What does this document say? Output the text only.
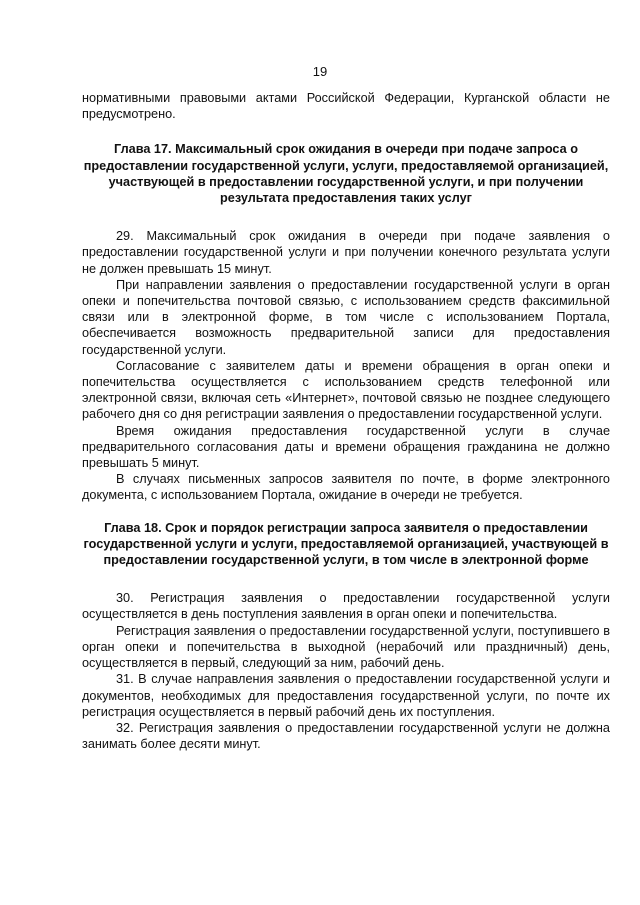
19

нормативными правовыми актами Российской Федерации, Курганской области не предусмотрено.

Глава 17. Максимальный срок ожидания в очереди при подаче запроса о предоставлении государственной услуги, услуги, предоставляемой организацией, участвующей в предоставлении государственной услуги, и при получении результата предоставления таких услуг

29. Максимальный срок ожидания в очереди при подаче заявления о предоставлении государственной услуги и при получении конечного результата услуги не должен превышать 15 минут.

При направлении заявления о предоставлении государственной услуги в орган опеки и попечительства почтовой связью, с использованием средств факсимильной связи или в электронной форме, в том числе с использованием Портала, обеспечивается возможность предварительной записи для предоставления государственной услуги.

Согласование с заявителем даты и времени обращения в орган опеки и попечительства осуществляется с использованием средств телефонной или электронной связи, включая сеть «Интернет», почтовой связью не позднее следующего рабочего дня со дня регистрации заявления о предоставлении государственной услуги.

Время ожидания предоставления государственной услуги в случае предварительного согласования даты и времени обращения гражданина не должно превышать 5 минут.

В случаях письменных запросов заявителя по почте, в форме электронного документа, с использованием Портала, ожидание в очереди не требуется.

Глава 18. Срок и порядок регистрации запроса заявителя о предоставлении государственной услуги и услуги, предоставляемой организацией, участвующей в предоставлении государственной услуги, в том числе в электронной форме

30. Регистрация заявления о предоставлении государственной услуги осуществляется в день поступления заявления в орган опеки и попечительства.

Регистрация заявления о предоставлении государственной услуги, поступившего в орган опеки и попечительства в выходной (нерабочий или праздничный) день, осуществляется в первый, следующий за ним, рабочий день.

31. В случае направления заявления о предоставлении государственной услуги и документов, необходимых для предоставления государственной услуги, по почте их регистрация осуществляется в первый рабочий день их поступления.

32. Регистрация заявления о предоставлении государственной услуги не должна занимать более десяти минут.
